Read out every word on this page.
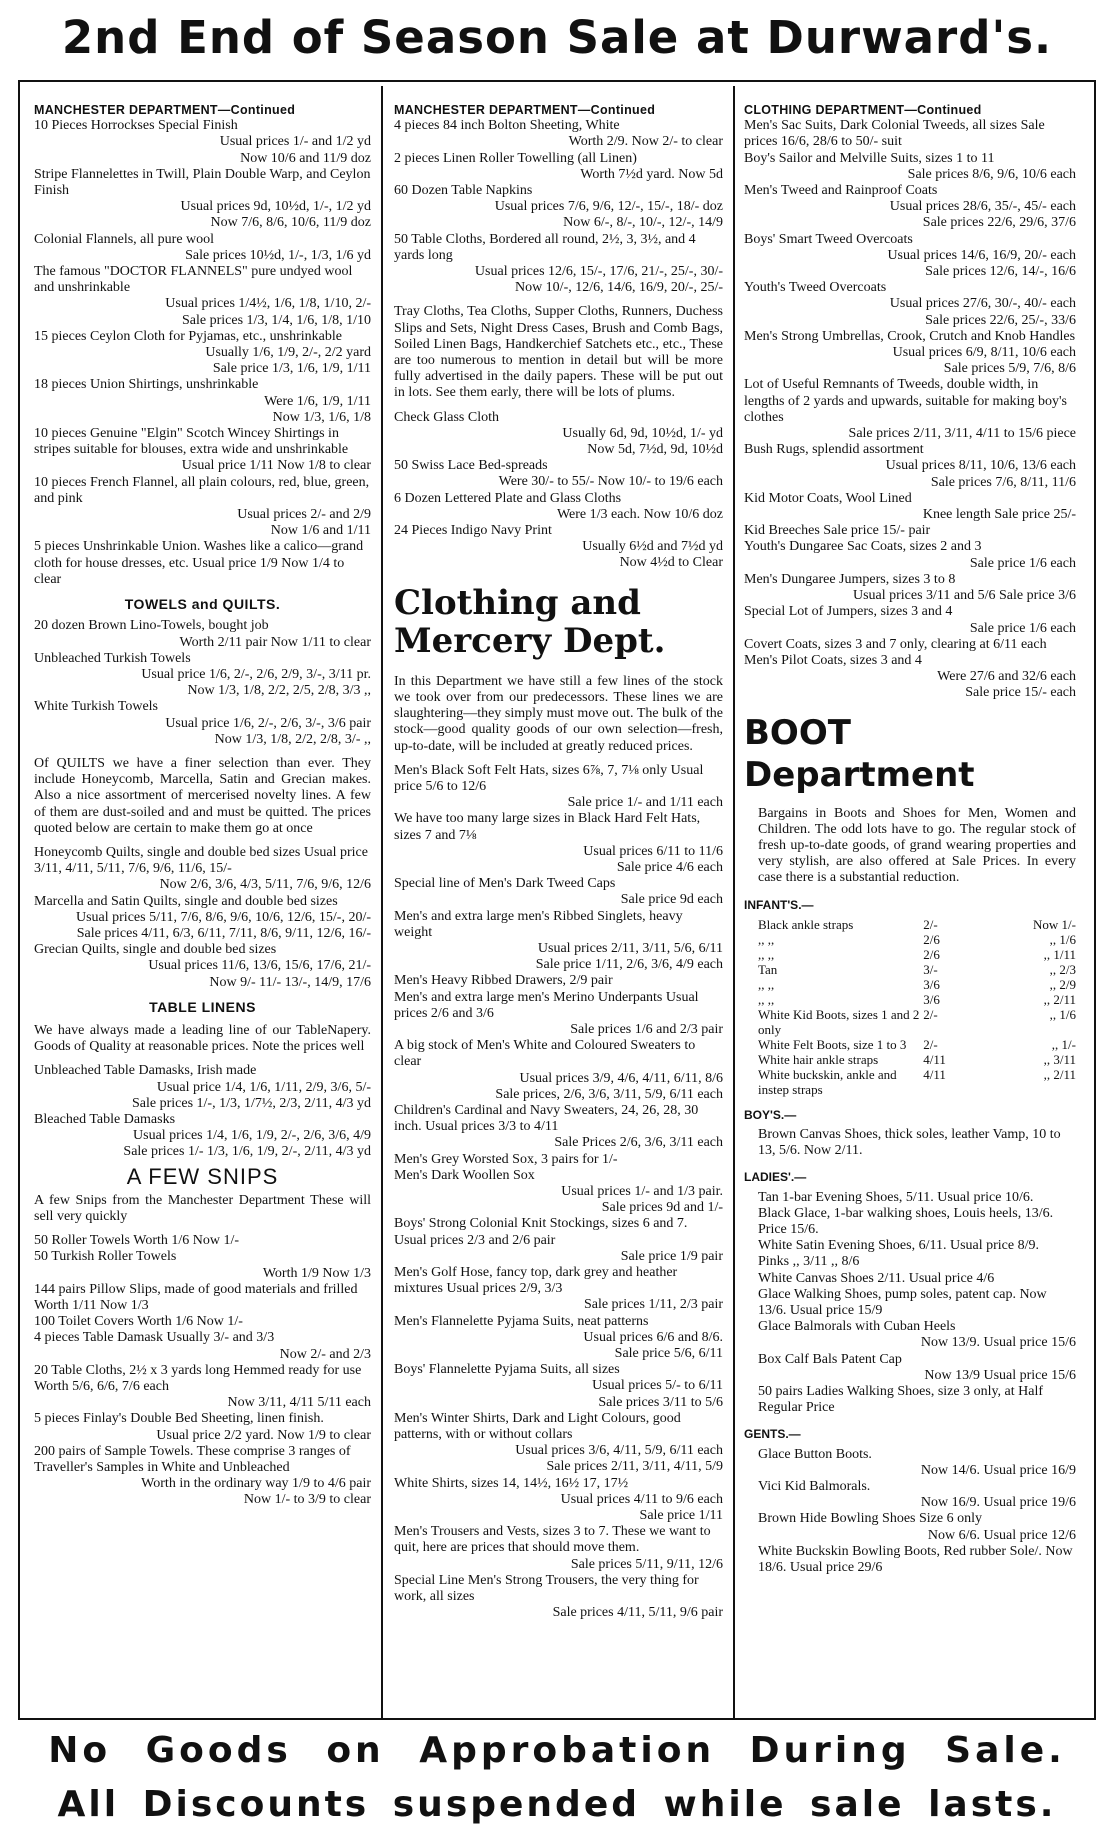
2nd End of Season Sale at Durward's.

MANCHESTER DEPARTMENT—Continued

10 Pieces Horrockses Special Finish
Usual prices 1/- and 1/2 yd
Now 10/6 and 11/9 doz
Stripe Flannelettes in Twill, Plain Double Warp, and Ceylon Finish
Usual prices 9d, 10½d, 1/-, 1/2 yd
Now 7/6, 8/6, 10/6, 11/9 doz
Colonial Flannels, all pure wool
Sale prices 10½d, 1/-, 1/3, 1/6 yd
The famous "DOCTOR FLANNELS" pure undyed wool and unshrinkable
Usual prices 1/4½, 1/6, 1/8, 1/10, 2/-
Sale prices 1/3, 1/4, 1/6, 1/8, 1/10
15 pieces Ceylon Cloth for Pyjamas, etc., unshrinkable
Usually 1/6, 1/9, 2/-, 2/2 yard
Sale price 1/3, 1/6, 1/9, 1/11
18 pieces Union Shirtings, unshrinkable
Were 1/6, 1/9, 1/11
Now 1/3, 1/6, 1/8
10 pieces Genuine "Elgin" Scotch Wincey Shirtings in stripes suitable for blouses, extra wide and unshrinkable
Usual price 1/11 Now 1/8 to clear
10 pieces French Flannel, all plain colours, red, blue, green, and pink
Usual prices 2/- and 2/9
Now 1/6 and 1/11
5 pieces Unshrinkable Union. Washes like a calico—grand cloth for house dresses, etc. Usual price 1/9 Now 1/4 to clear
TOWELS and QUILTS.
20 dozen Brown Lino-Towels, bought job
Worth 2/11 pair Now 1/11 to clear
Unbleached Turkish Towels
Usual price 1/6, 2/-, 2/6, 2/9, 3/-, 3/11 pr.
Now 1/3, 1/8, 2/2, 2/5, 2/8, 3/3 ,,
White Turkish Towels
Usual price 1/6, 2/-, 2/6, 3/-, 3/6 pair
Now 1/3, 1/8, 2/2, 2/8, 3/- ,,

Of QUILTS we have a finer selection than ever. They include Honeycomb, Marcella, Satin and Grecian makes. Also a nice assortment of mercerised novelty lines. A few of them are dust-soiled and and must be quitted. The prices quoted below are certain to make them go at once

Honeycomb Quilts, single and double bed sizes Usual price 3/11, 4/11, 5/11, 7/6, 9/6, 11/6, 15/-
Now 2/6, 3/6, 4/3, 5/11, 7/6, 9/6, 12/6
Marcella and Satin Quilts, single and double bed sizes
Usual prices 5/11, 7/6, 8/6, 9/6, 10/6, 12/6, 15/-, 20/-
Sale prices 4/11, 6/3, 6/11, 7/11, 8/6, 9/11, 12/6, 16/-
Grecian Quilts, single and double bed sizes
Usual prices 11/6, 13/6, 15/6, 17/6, 21/-
Now 9/- 11/- 13/-, 14/9, 17/6
TABLE LINENS

We have always made a leading line of our TableNapery. Goods of Quality at reasonable prices. Note the prices well

Unbleached Table Damasks, Irish made
Usual price 1/4, 1/6, 1/11, 2/9, 3/6, 5/-
Sale prices 1/-, 1/3, 1/7½, 2/3, 2/11, 4/3 yd
Bleached Table Damasks
Usual prices 1/4, 1/6, 1/9, 2/-, 2/6, 3/6, 4/9
Sale prices 1/- 1/3, 1/6, 1/9, 2/-, 2/11, 4/3 yd
A FEW SNIPS

A few Snips from the Manchester Department These will sell very quickly

50 Roller Towels Worth 1/6 Now 1/-
50 Turkish Roller Towels
Worth 1/9 Now 1/3
144 pairs Pillow Slips, made of good materials and frilled Worth 1/11 Now 1/3
100 Toilet Covers Worth 1/6 Now 1/-
4 pieces Table Damask Usually 3/- and 3/3
Now 2/- and 2/3
20 Table Cloths, 2½ x 3 yards long Hemmed ready for use Worth 5/6, 6/6, 7/6 each
Now 3/11, 4/11 5/11 each
5 pieces Finlay's Double Bed Sheeting, linen finish.
Usual price 2/2 yard. Now 1/9 to clear
200 pairs of Sample Towels. These comprise 3 ranges of Traveller's Samples in White and Unbleached
Worth in the ordinary way 1/9 to 4/6 pair
Now 1/- to 3/9 to clear

MANCHESTER DEPARTMENT—Continued

4 pieces 84 inch Bolton Sheeting, White
Worth 2/9. Now 2/- to clear
2 pieces Linen Roller Towelling (all Linen)
Worth 7½d yard. Now 5d
60 Dozen Table Napkins
Usual prices 7/6, 9/6, 12/-, 15/-, 18/- doz
Now 6/-, 8/-, 10/-, 12/-, 14/9
50 Table Cloths, Bordered all round, 2½, 3, 3½, and 4 yards long
Usual prices 12/6, 15/-, 17/6, 21/-, 25/-, 30/-
Now 10/-, 12/6, 14/6, 16/9, 20/-, 25/-

Tray Cloths, Tea Cloths, Supper Cloths, Runners, Duchess Slips and Sets, Night Dress Cases, Brush and Comb Bags, Soiled Linen Bags, Handkerchief Satchets etc., etc., These are too numerous to mention in detail but will be more fully advertised in the daily papers. These will be put out in lots. See them early, there will be lots of plums.

Check Glass Cloth
Usually 6d, 9d, 10½d, 1/- yd
Now 5d, 7½d, 9d, 10½d
50 Swiss Lace Bed-spreads
Were 30/- to 55/- Now 10/- to 19/6 each
6 Dozen Lettered Plate and Glass Cloths
Were 1/3 each. Now 10/6 doz
24 Pieces Indigo Navy Print
Usually 6½d and 7½d yd
Now 4½d to Clear
Clothing and Mercery Dept.

In this Department we have still a few lines of the stock we took over from our predecessors. These lines we are slaughtering—they simply must move out. The bulk of the stock—good quality goods of our own selection—fresh, up-to-date, will be included at greatly reduced prices.

Men's Black Soft Felt Hats, sizes 6⅞, 7, 7⅛ only Usual price 5/6 to 12/6
Sale price 1/- and 1/11 each
We have too many large sizes in Black Hard Felt Hats, sizes 7 and 7⅛
Usual prices 6/11 to 11/6
Sale price 4/6 each
Special line of Men's Dark Tweed Caps
Sale price 9d each
Men's and extra large men's Ribbed Singlets, heavy weight
Usual prices 2/11, 3/11, 5/6, 6/11
Sale price 1/11, 2/6, 3/6, 4/9 each
Men's Heavy Ribbed Drawers, 2/9 pair
Men's and extra large men's Merino Underpants Usual prices 2/6 and 3/6
Sale prices 1/6 and 2/3 pair
A big stock of Men's White and Coloured Sweaters to clear
Usual prices 3/9, 4/6, 4/11, 6/11, 8/6
Sale prices, 2/6, 3/6, 3/11, 5/9, 6/11 each
Children's Cardinal and Navy Sweaters, 24, 26, 28, 30 inch. Usual prices 3/3 to 4/11
Sale Prices 2/6, 3/6, 3/11 each
Men's Grey Worsted Sox, 3 pairs for 1/-
Men's Dark Woollen Sox
Usual prices 1/- and 1/3 pair.
Sale prices 9d and 1/-
Boys' Strong Colonial Knit Stockings, sizes 6 and 7. Usual prices 2/3 and 2/6 pair
Sale price 1/9 pair
Men's Golf Hose, fancy top, dark grey and heather mixtures Usual prices 2/9, 3/3
Sale prices 1/11, 2/3 pair
Men's Flannelette Pyjama Suits, neat patterns
Usual prices 6/6 and 8/6.
Sale price 5/6, 6/11
Boys' Flannelette Pyjama Suits, all sizes
Usual prices 5/- to 6/11
Sale prices 3/11 to 5/6
Men's Winter Shirts, Dark and Light Colours, good patterns, with or without collars
Usual prices 3/6, 4/11, 5/9, 6/11 each
Sale prices 2/11, 3/11, 4/11, 5/9
White Shirts, sizes 14, 14½, 16½ 17, 17½
Usual prices 4/11 to 9/6 each
Sale price 1/11
Men's Trousers and Vests, sizes 3 to 7. These we want to quit, here are prices that should move them.
Sale prices 5/11, 9/11, 12/6
Special Line Men's Strong Trousers, the very thing for work, all sizes
Sale prices 4/11, 5/11, 9/6 pair

CLOTHING DEPARTMENT—Continued

Men's Sac Suits, Dark Colonial Tweeds, all sizes Sale prices 16/6, 28/6 to 50/- suit
Boy's Sailor and Melville Suits, sizes 1 to 11
Sale prices 8/6, 9/6, 10/6 each
Men's Tweed and Rainproof Coats
Usual prices 28/6, 35/-, 45/- each
Sale prices 22/6, 29/6, 37/6
Boys' Smart Tweed Overcoats
Usual prices 14/6, 16/9, 20/- each
Sale prices 12/6, 14/-, 16/6
Youth's Tweed Overcoats
Usual prices 27/6, 30/-, 40/- each
Sale prices 22/6, 25/-, 33/6
Men's Strong Umbrellas, Crook, Crutch and Knob Handles
Usual prices 6/9, 8/11, 10/6 each
Sale prices 5/9, 7/6, 8/6
Lot of Useful Remnants of Tweeds, double width, in lengths of 2 yards and upwards, suitable for making boy's clothes
Sale prices 2/11, 3/11, 4/11 to 15/6 piece
Bush Rugs, splendid assortment
Usual prices 8/11, 10/6, 13/6 each
Sale prices 7/6, 8/11, 11/6
Kid Motor Coats, Wool Lined
Knee length Sale price 25/-
Kid Breeches Sale price 15/- pair
Youth's Dungaree Sac Coats, sizes 2 and 3
Sale price 1/6 each
Men's Dungaree Jumpers, sizes 3 to 8
Usual prices 3/11 and 5/6 Sale price 3/6
Special Lot of Jumpers, sizes 3 and 4
Sale price 1/6 each
Covert Coats, sizes 3 and 7 only, clearing at 6/11 each
Men's Pilot Coats, sizes 3 and 4
Were 27/6 and 32/6 each
Sale price 15/- each
BOOT
Department

Bargains in Boots and Shoes for Men, Women and Children. The odd lots have to go. The regular stock of fresh up-to-date goods, of grand wearing properties and very stylish, are also offered at Sale Prices. In every case there is a substantial reduction.

INFANT'S.—
Black ankle straps	2/-	Now 1/-
,, ,,	2/6	,, 1/6
,, ,,	2/6	,, 1/11
Tan	3/-	,, 2/3
,, ,,	3/6	,, 2/9
,, ,,	3/6	,, 2/11
White Kid Boots, sizes 1 and 2 only	2/-	,, 1/6
White Felt Boots, size 1 to 3	2/-	,, 1/-
White hair ankle straps	4/11	,, 3/11
White buckskin, ankle and instep straps	4/11	,, 2/11
BOY'S.—
Brown Canvas Shoes, thick soles, leather Vamp, 10 to 13, 5/6. Now 2/11.
LADIES'.—
Tan 1-bar Evening Shoes, 5/11. Usual price 10/6.
Black Glace, 1-bar walking shoes, Louis heels, 13/6. Price 15/6.
White Satin Evening Shoes, 6/11. Usual price 8/9.
Pinks ,, 3/11 ,, 8/6
White Canvas Shoes 2/11. Usual price 4/6
Glace Walking Shoes, pump soles, patent cap. Now 13/6. Usual price 15/9
Glace Balmorals with Cuban Heels
Now 13/9. Usual price 15/6
Box Calf Bals Patent Cap
Now 13/9 Usual price 15/6
50 pairs Ladies Walking Shoes, size 3 only, at Half Regular Price
GENTS.—
Glace Button Boots.
Now 14/6. Usual price 16/9
Vici Kid Balmorals.
Now 16/9. Usual price 19/6
Brown Hide Bowling Shoes Size 6 only
Now 6/6. Usual price 12/6
White Buckskin Bowling Boots, Red rubber Sole/. Now 18/6. Usual price 29/6
No Goods on Approbation During Sale.
All Discounts suspended while sale lasts.
